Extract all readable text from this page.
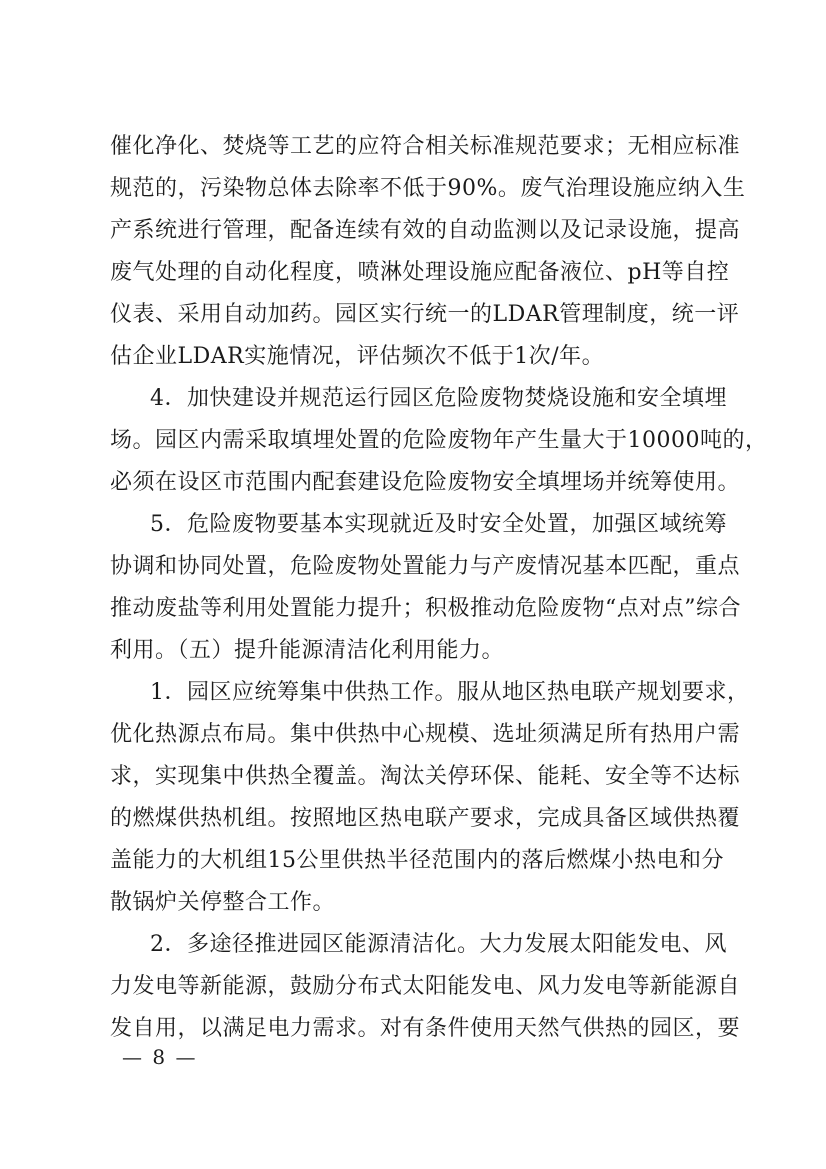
催化净化、焚烧等工艺的应符合相关标准规范要求；无相应标准
规范的，污染物总体去除率不低于90%。废气治理设施应纳入生
产系统进行管理，配备连续有效的自动监测以及记录设施，提高
废气处理的自动化程度，喷淋处理设施应配备液位、pH等自控
仪表、采用自动加药。园区实行统一的LDAR管理制度，统一评
估企业LDAR实施情况，评估频次不低于1次/年。
4．加快建设并规范运行园区危险废物焚烧设施和安全填埋
场。园区内需采取填埋处置的危险废物年产生量大于10000吨的，
必须在设区市范围内配套建设危险废物安全填埋场并统筹使用。
5．危险废物要基本实现就近及时安全处置，加强区域统筹
协调和协同处置，危险废物处置能力与产废情况基本匹配，重点
推动废盐等利用处置能力提升；积极推动危险废物“点对点”综合
利用。（五）提升能源清洁化利用能力。
1．园区应统筹集中供热工作。服从地区热电联产规划要求，
优化热源点布局。集中供热中心规模、选址须满足所有热用户需
求，实现集中供热全覆盖。淘汰关停环保、能耗、安全等不达标
的燃煤供热机组。按照地区热电联产要求，完成具备区域供热覆
盖能力的大机组15公里供热半径范围内的落后燃煤小热电和分
散锅炉关停整合工作。
2．多途径推进园区能源清洁化。大力发展太阳能发电、风
力发电等新能源，鼓励分布式太阳能发电、风力发电等新能源自
发自用，以满足电力需求。对有条件使用天然气供热的园区，要
— 8 —
